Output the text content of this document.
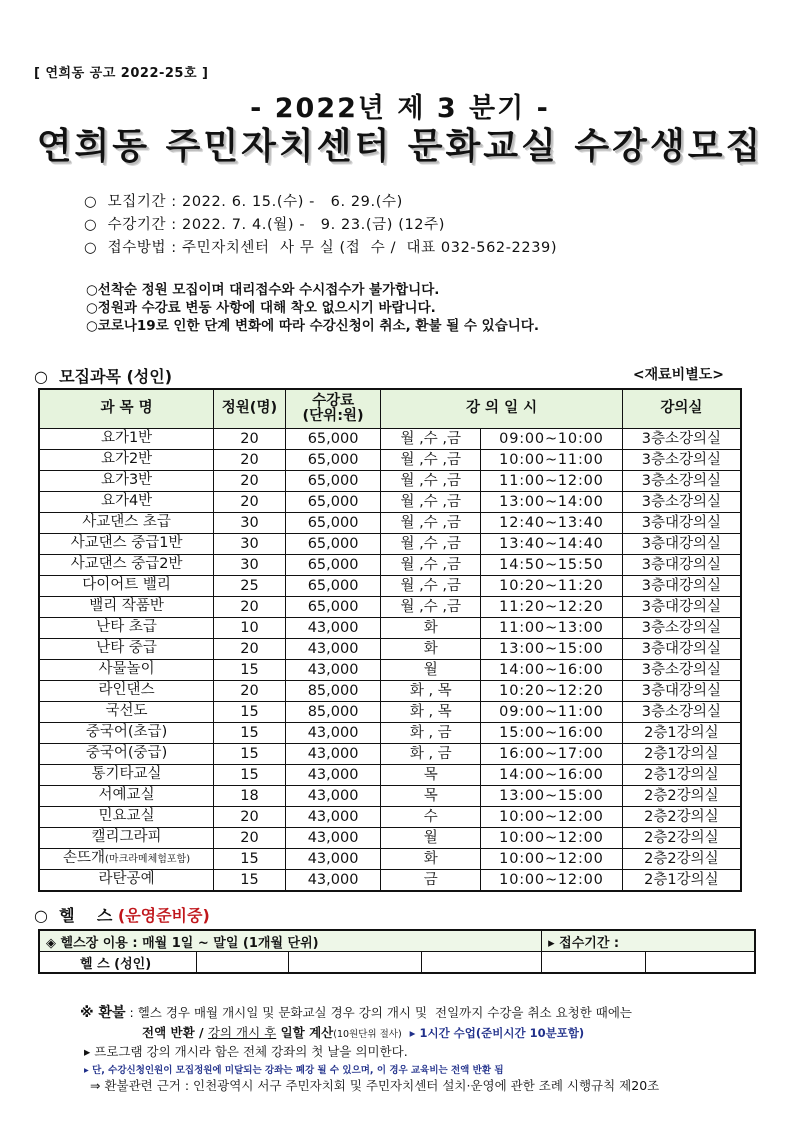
[ 연희동 공고 2022-25호 ]
- 2022년 제 3 분기 -
연희동 주민자치센터 문화교실 수강생모집
○  모집기간 : 2022. 6. 15.(수) -   6. 29.(수)
○  수강기간 : 2022. 7. 4.(월) -   9. 23.(금) (12주)
○  접수방법 : 주민자치센터  사 무 실 (접  수 /  대표 032-562-2239)
○선착순 정원 모집이며 대리접수와 수시접수가 불가합니다.
○정원과 수강료 변동 사항에 대해 착오 없으시기 바랍니다.
○코로나19로 인한 단계 변화에 따라 수강신청이 취소, 환불 될 수 있습니다.
○  모집과목 (성인)	<재료비별도>
과 목 명	정원(명)	수강료
(단위:원)	강 의 일 시		강의실
요가1반	20	65,000	월 ,수 ,금	09:00~10:00	3층소강의실
요가2반	20	65,000	월 ,수 ,금	10:00~11:00	3층소강의실
요가3반	20	65,000	월 ,수 ,금	11:00~12:00	3층소강의실
요가4반	20	65,000	월 ,수 ,금	13:00~14:00	3층소강의실
사교댄스 초급	30	65,000	월 ,수 ,금	12:40~13:40	3층대강의실
사교댄스 중급1반	30	65,000	월 ,수 ,금	13:40~14:40	3층대강의실
사교댄스 중급2반	30	65,000	월 ,수 ,금	14:50~15:50	3층대강의실
다이어트 밸리	25	65,000	월 ,수 ,금	10:20~11:20	3층대강의실
밸리 작품반	20	65,000	월 ,수 ,금	11:20~12:20	3층대강의실
난타 초급	10	43,000	화	11:00~13:00	3층소강의실
난타 중급	20	43,000	화	13:00~15:00	3층대강의실
사물놀이	15	43,000	월	14:00~16:00	3층소강의실
라인댄스	20	85,000	화 , 목	10:20~12:20	3층대강의실
국선도	15	85,000	화 , 목	09:00~11:00	3층소강의실
중국어(초급)	15	43,000	화 , 금	15:00~16:00	2층1강의실
중국어(중급)	15	43,000	화 , 금	16:00~17:00	2층1강의실
통기타교실	15	43,000	목	14:00~16:00	2층1강의실
서예교실	18	43,000	목	13:00~15:00	2층2강의실
민요교실	20	43,000	수	10:00~12:00	2층2강의실
캘리그라피	20	43,000	월	10:00~12:00	2층2강의실
손뜨개(마크라메체험포함)	15	43,000	화	10:00~12:00	2층2강의실
라탄공예	15	43,000	금	10:00~12:00	2층1강의실
○  헬    스 (운영준비중)
◈ 헬스장 이용 : 매월 1일 ~ 말일 (1개월 단위)				▸ 접수기간 :	
헬 스 (성인)					
※ 환불 : 헬스 경우 매월 개시일 및 문화교실 경우 강의 개시 및  전일까지 수강을 취소 요청한 때에는
전액 반환 / 강의 개시 후 일할 계산(10원단위 절사)  ▸ 1시간 수업(준비시간 10분포함)
▸ 프로그램 강의 개시라 함은 전체 강좌의 첫 날을 의미한다.
▸ 단, 수강신청인원이 모집정원에 미달되는 강좌는 폐강 될 수 있으며, 이 경우 교육비는 전액 반환 됨
⇒ 환불관련 근거 : 인천광역시 서구 주민자치회 및 주민자치센터 설치·운영에 관한 조례 시행규칙 제20조
